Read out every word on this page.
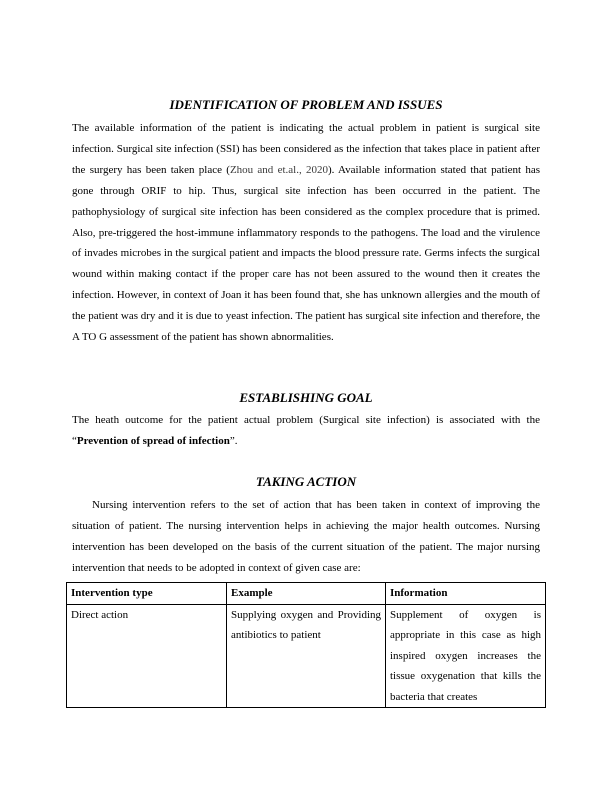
IDENTIFICATION OF PROBLEM AND ISSUES

The available information of the patient is indicating the actual problem in patient is surgical site infection. Surgical site infection (SSI) has been considered as the infection that takes place in patient after the surgery has been taken place (Zhou and et.al., 2020). Available information stated that patient has gone through ORIF to hip. Thus, surgical site infection has been occurred in the patient. The pathophysiology of surgical site infection has been considered as the complex procedure that is primed. Also, pre-triggered the host-immune inflammatory responds to the pathogens. The load and the virulence of invades microbes in the surgical patient and impacts the blood pressure rate. Germs infects the surgical wound within making contact if the proper care has not been assured to the wound then it creates the infection. However, in context of Joan it has been found that, she has unknown allergies and the mouth of the patient was dry and it is due to yeast infection. The patient has surgical site infection and therefore, the A TO G assessment of the patient has shown abnormalities.

ESTABLISHING GOAL

The heath outcome for the patient actual problem (Surgical site infection) is associated with the “Prevention of spread of infection”.

TAKING ACTION

Nursing intervention refers to the set of action that has been taken in context of improving the situation of patient. The nursing intervention helps in achieving the major health outcomes. Nursing intervention has been developed on the basis of the current situation of the patient. The major nursing intervention that needs to be adopted in context of given case are:

Intervention type	Example	Information
Direct action	Supplying oxygen and Providing antibiotics to patient	Supplement of oxygen is appropriate in this case as high inspired oxygen increases the tissue oxygenation that kills the bacteria that creates
